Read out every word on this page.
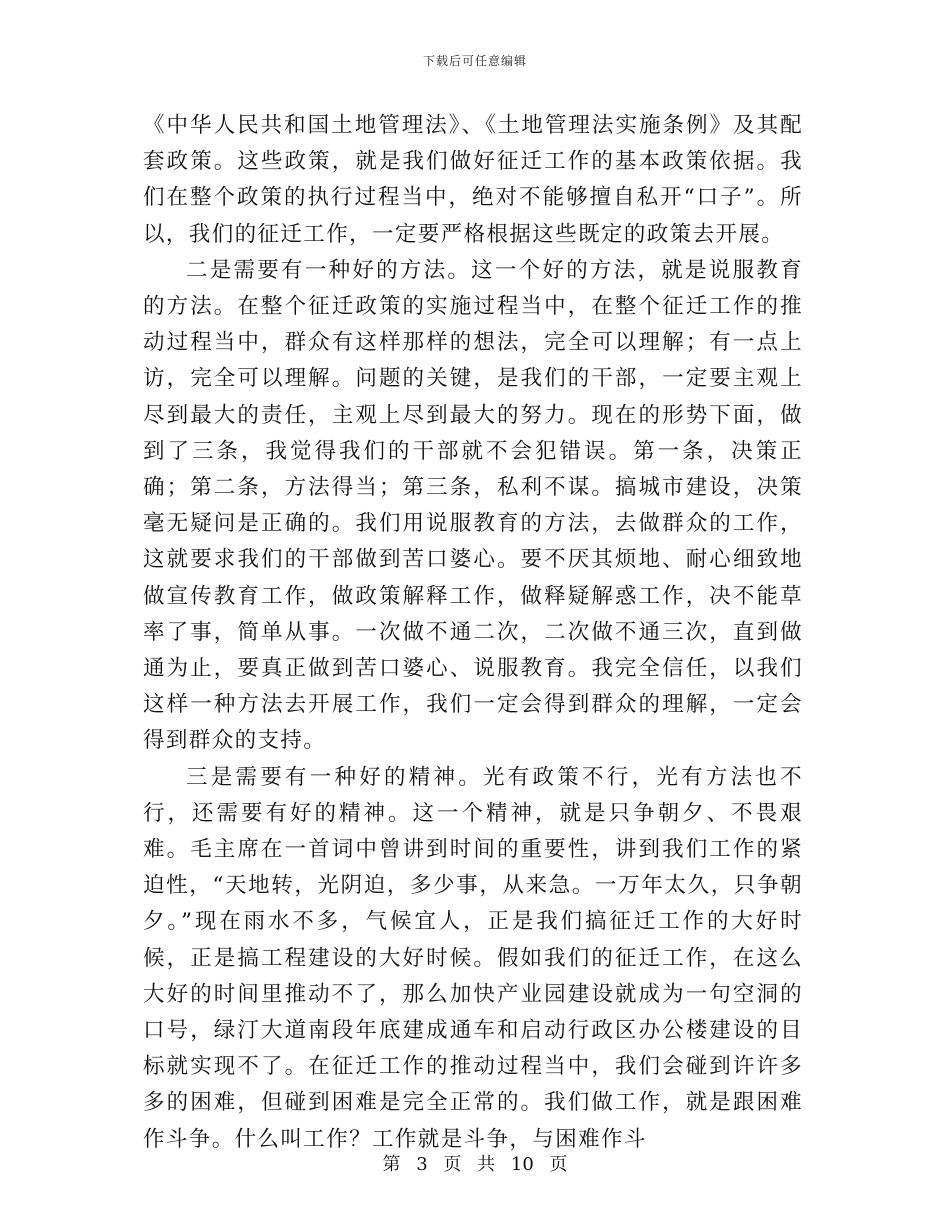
下载后可任意编辑

《中华人民共和国土地管理法》、《土地管理法实施条例》及其配套政策。这些政策，就是我们做好征迁工作的基本政策依据。我们在整个政策的执行过程当中，绝对不能够擅自私开“口子”。所以，我们的征迁工作，一定要严格根据这些既定的政策去开展。

二是需要有一种好的方法。这一个好的方法，就是说服教育的方法。在整个征迁政策的实施过程当中，在整个征迁工作的推动过程当中，群众有这样那样的想法，完全可以理解；有一点上访，完全可以理解。问题的关键，是我们的干部，一定要主观上尽到最大的责任，主观上尽到最大的努力。现在的形势下面，做到了三条，我觉得我们的干部就不会犯错误。第一条，决策正确；第二条，方法得当；第三条，私利不谋。搞城市建设，决策毫无疑问是正确的。我们用说服教育的方法，去做群众的工作，这就要求我们的干部做到苦口婆心。要不厌其烦地、耐心细致地做宣传教育工作，做政策解释工作，做释疑解惑工作，决不能草率了事，简单从事。一次做不通二次，二次做不通三次，直到做通为止，要真正做到苦口婆心、说服教育。我完全信任，以我们这样一种方法去开展工作，我们一定会得到群众的理解，一定会得到群众的支持。

三是需要有一种好的精神。光有政策不行，光有方法也不行，还需要有好的精神。这一个精神，就是只争朝夕、不畏艰难。毛主席在一首词中曾讲到时间的重要性，讲到我们工作的紧迫性，“天地转，光阴迫，多少事，从来急。一万年太久，只争朝夕。”现在雨水不多，气候宜人，正是我们搞征迁工作的大好时候，正是搞工程建设的大好时候。假如我们的征迁工作，在这么大好的时间里推动不了，那么加快产业园建设就成为一句空洞的口号，绿汀大道南段年底建成通车和启动行政区办公楼建设的目标就实现不了。在征迁工作的推动过程当中，我们会碰到许许多多的困难，但碰到困难是完全正常的。我们做工作，就是跟困难作斗争。什么叫工作？工作就是斗争，与困难作斗

第 3 页 共 10 页
